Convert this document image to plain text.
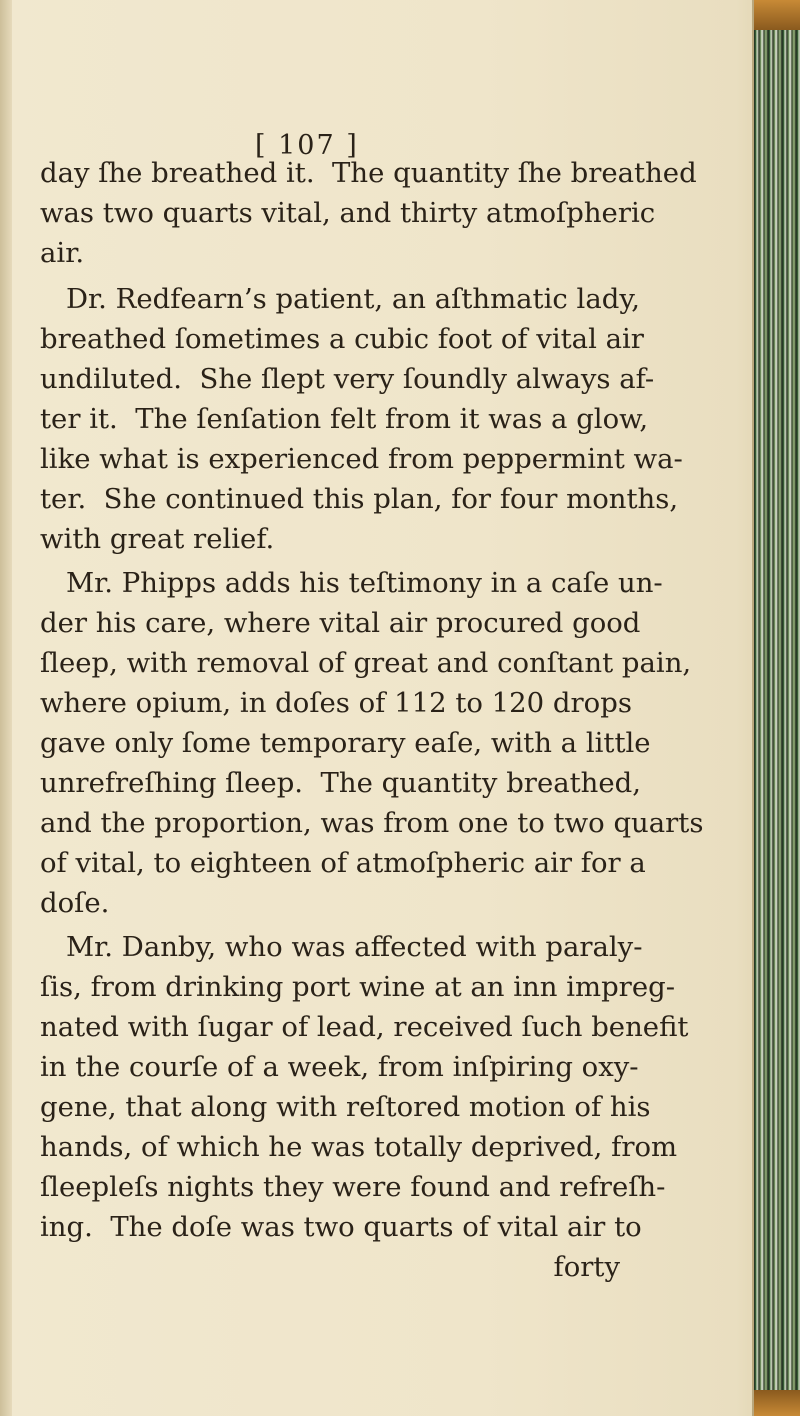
[ 107 ]
day ſhe breathed it.  The quantity ſhe breathed
was two quarts vital, and thirty atmoſpheric
air.
Dr. Redfearn’s patient, an aſthmatic lady,
breathed ſometimes a cubic foot of vital air
undiluted.  She ſlept very ſoundly always af-
ter it.  The ſenſation felt from it was a glow,
like what is experienced from peppermint wa-
ter.  She continued this plan, for four months,
with great relief.
Mr. Phipps adds his teſtimony in a caſe un-
der his care, where vital air procured good
ſleep, with removal of great and conſtant pain,
where opium, in doſes of 112 to 120 drops
gave only ſome temporary eaſe, with a little
unrefreſhing ſleep.  The quantity breathed,
and the proportion, was from one to two quarts
of vital, to eighteen of atmoſpheric air for a
doſe.
Mr. Danby, who was affected with paraly-
ſis, from drinking port wine at an inn impreg-
nated with ſugar of lead, received ſuch benefit
in the courſe of a week, from inſpiring oxy-
gene, that along with reſtored motion of his
hands, of which he was totally deprived, from
ſleepleſs nights they were found and refreſh-
ing.  The doſe was two quarts of vital air to
forty
